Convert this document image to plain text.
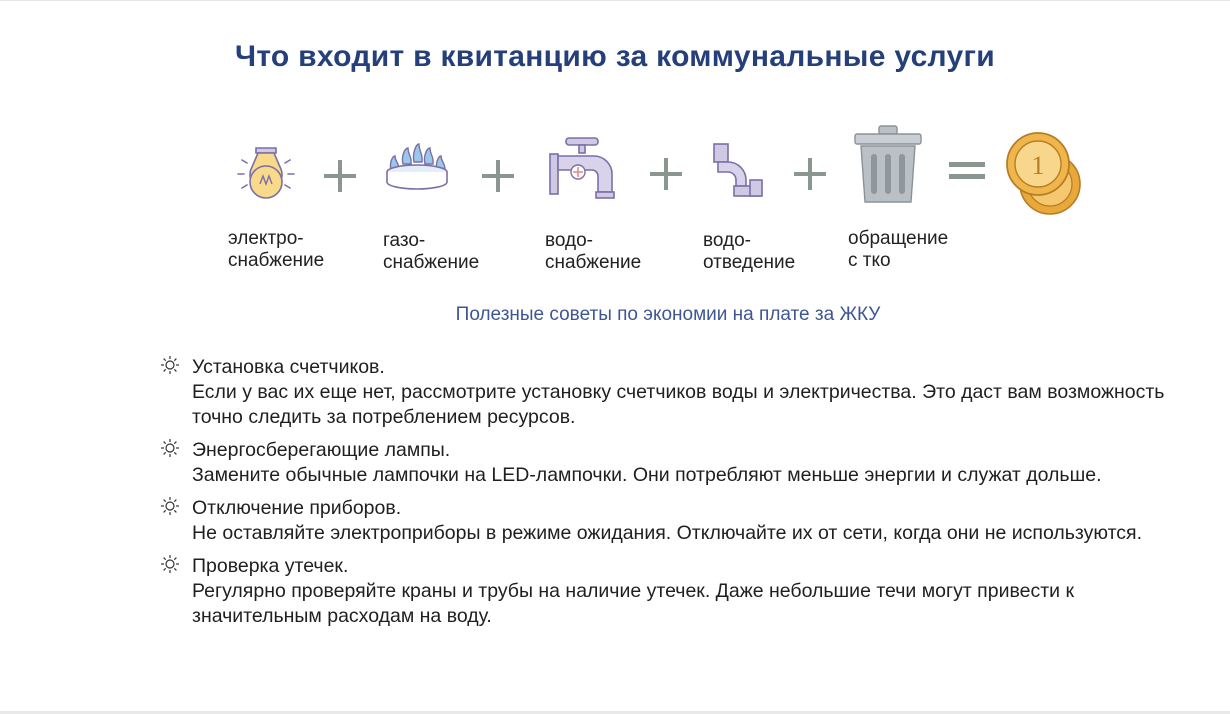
Что входит в квитанцию за коммунальные услуги
1
электро-
снабжение
газо-
снабжение
водо-
снабжение
водо-
отведение
обращение
с тко
Полезные советы по экономии на плате за ЖКУ
Установка счетчиков.
Если у вас их еще нет, рассмотрите установку счетчиков воды и электричества. Это даст вам возможность точно следить за потреблением ресурсов.
Энергосберегающие лампы.
Замените обычные лампочки на LED-лампочки. Они потребляют меньше энергии и служат дольше.
Отключение приборов.
Не оставляйте электроприборы в режиме ожидания. Отключайте их от сети, когда они не используются.
Проверка утечек.
Регулярно проверяйте краны и трубы на наличие утечек. Даже небольшие течи могут привести к значительным расходам на воду.
